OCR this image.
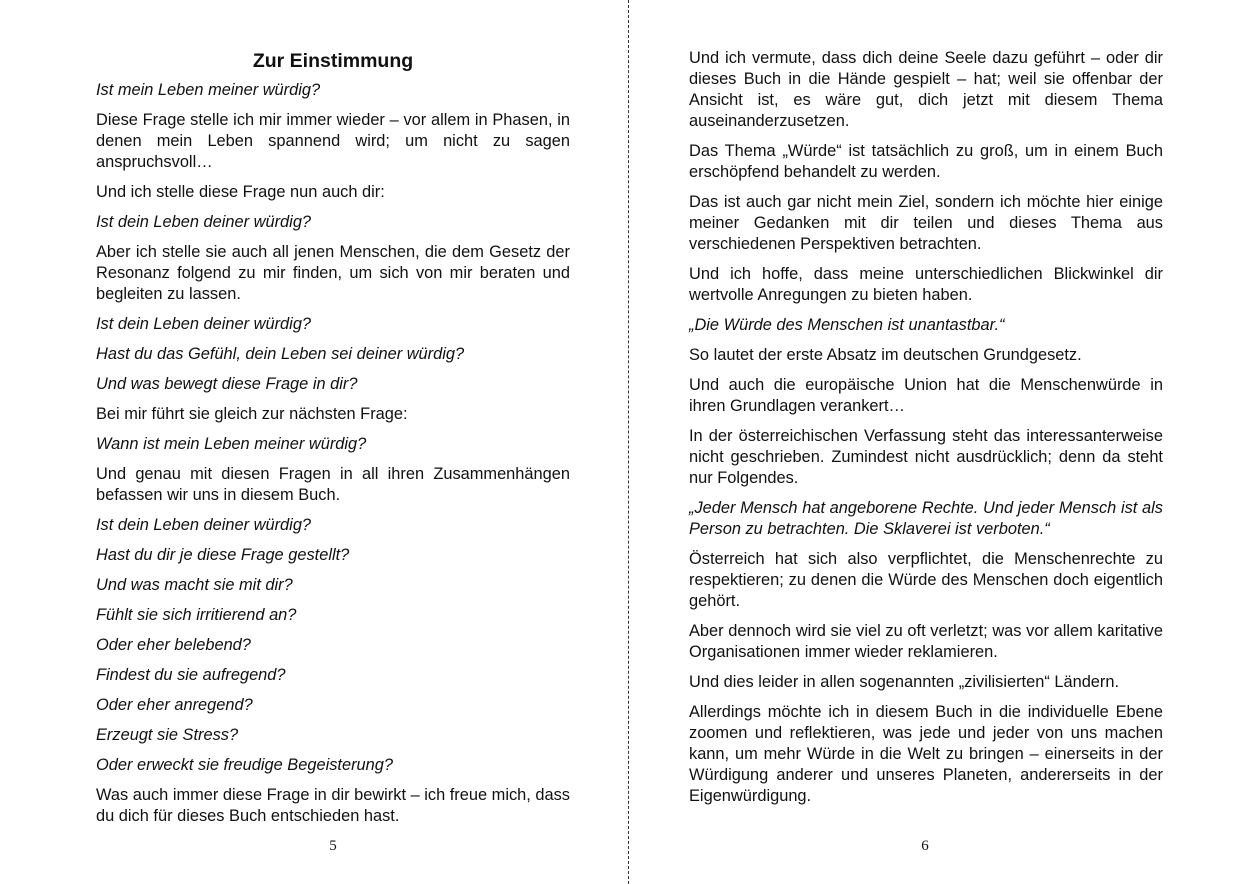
Zur Einstimmung

Ist mein Leben meiner würdig?

Diese Frage stelle ich mir immer wieder – vor allem in Phasen, in denen mein Leben spannend wird; um nicht zu sagen anspruchsvoll…

Und ich stelle diese Frage nun auch dir:

Ist dein Leben deiner würdig?

Aber ich stelle sie auch all jenen Menschen, die dem Gesetz der Resonanz folgend zu mir finden, um sich von mir beraten und begleiten zu lassen.

Ist dein Leben deiner würdig?

Hast du das Gefühl, dein Leben sei deiner würdig?

Und was bewegt diese Frage in dir?

Bei mir führt sie gleich zur nächsten Frage:

Wann ist mein Leben meiner würdig?

Und genau mit diesen Fragen in all ihren Zusammenhängen befassen wir uns in diesem Buch.

Ist dein Leben deiner würdig?

Hast du dir je diese Frage gestellt?

Und was macht sie mit dir?

Fühlt sie sich irritierend an?

Oder eher belebend?

Findest du sie aufregend?

Oder eher anregend?

Erzeugt sie Stress?

Oder erweckt sie freudige Begeisterung?

Was auch immer diese Frage in dir bewirkt – ich freue mich, dass du dich für dieses Buch entschieden hast.

5

Und ich vermute, dass dich deine Seele dazu geführt – oder dir dieses Buch in die Hände gespielt – hat; weil sie offenbar der Ansicht ist, es wäre gut, dich jetzt mit diesem Thema auseinanderzusetzen.

Das Thema „Würde“ ist tatsächlich zu groß, um in einem Buch erschöpfend behandelt zu werden.

Das ist auch gar nicht mein Ziel, sondern ich möchte hier einige meiner Gedanken mit dir teilen und dieses Thema aus verschiedenen Perspektiven betrachten.

Und ich hoffe, dass meine unterschiedlichen Blickwinkel dir wertvolle Anregungen zu bieten haben.

„Die Würde des Menschen ist unantastbar.“

So lautet der erste Absatz im deutschen Grundgesetz.

Und auch die europäische Union hat die Menschenwürde in ihren Grundlagen verankert…

In der österreichischen Verfassung steht das interessanterweise nicht geschrieben. Zumindest nicht ausdrücklich; denn da steht nur Folgendes.

„Jeder Mensch hat angeborene Rechte. Und jeder Mensch ist als Person zu betrachten. Die Sklaverei ist verboten.“

Österreich hat sich also verpflichtet, die Menschenrechte zu respektieren; zu denen die Würde des Menschen doch eigentlich gehört.

Aber dennoch wird sie viel zu oft verletzt; was vor allem karitative Organisationen immer wieder reklamieren.

Und dies leider in allen sogenannten „zivilisierten“ Ländern.

Allerdings möchte ich in diesem Buch in die individuelle Ebene zoomen und reflektieren, was jede und jeder von uns machen kann, um mehr Würde in die Welt zu bringen – einerseits in der Würdigung anderer und unseres Planeten, andererseits in der Eigenwürdigung.

6
